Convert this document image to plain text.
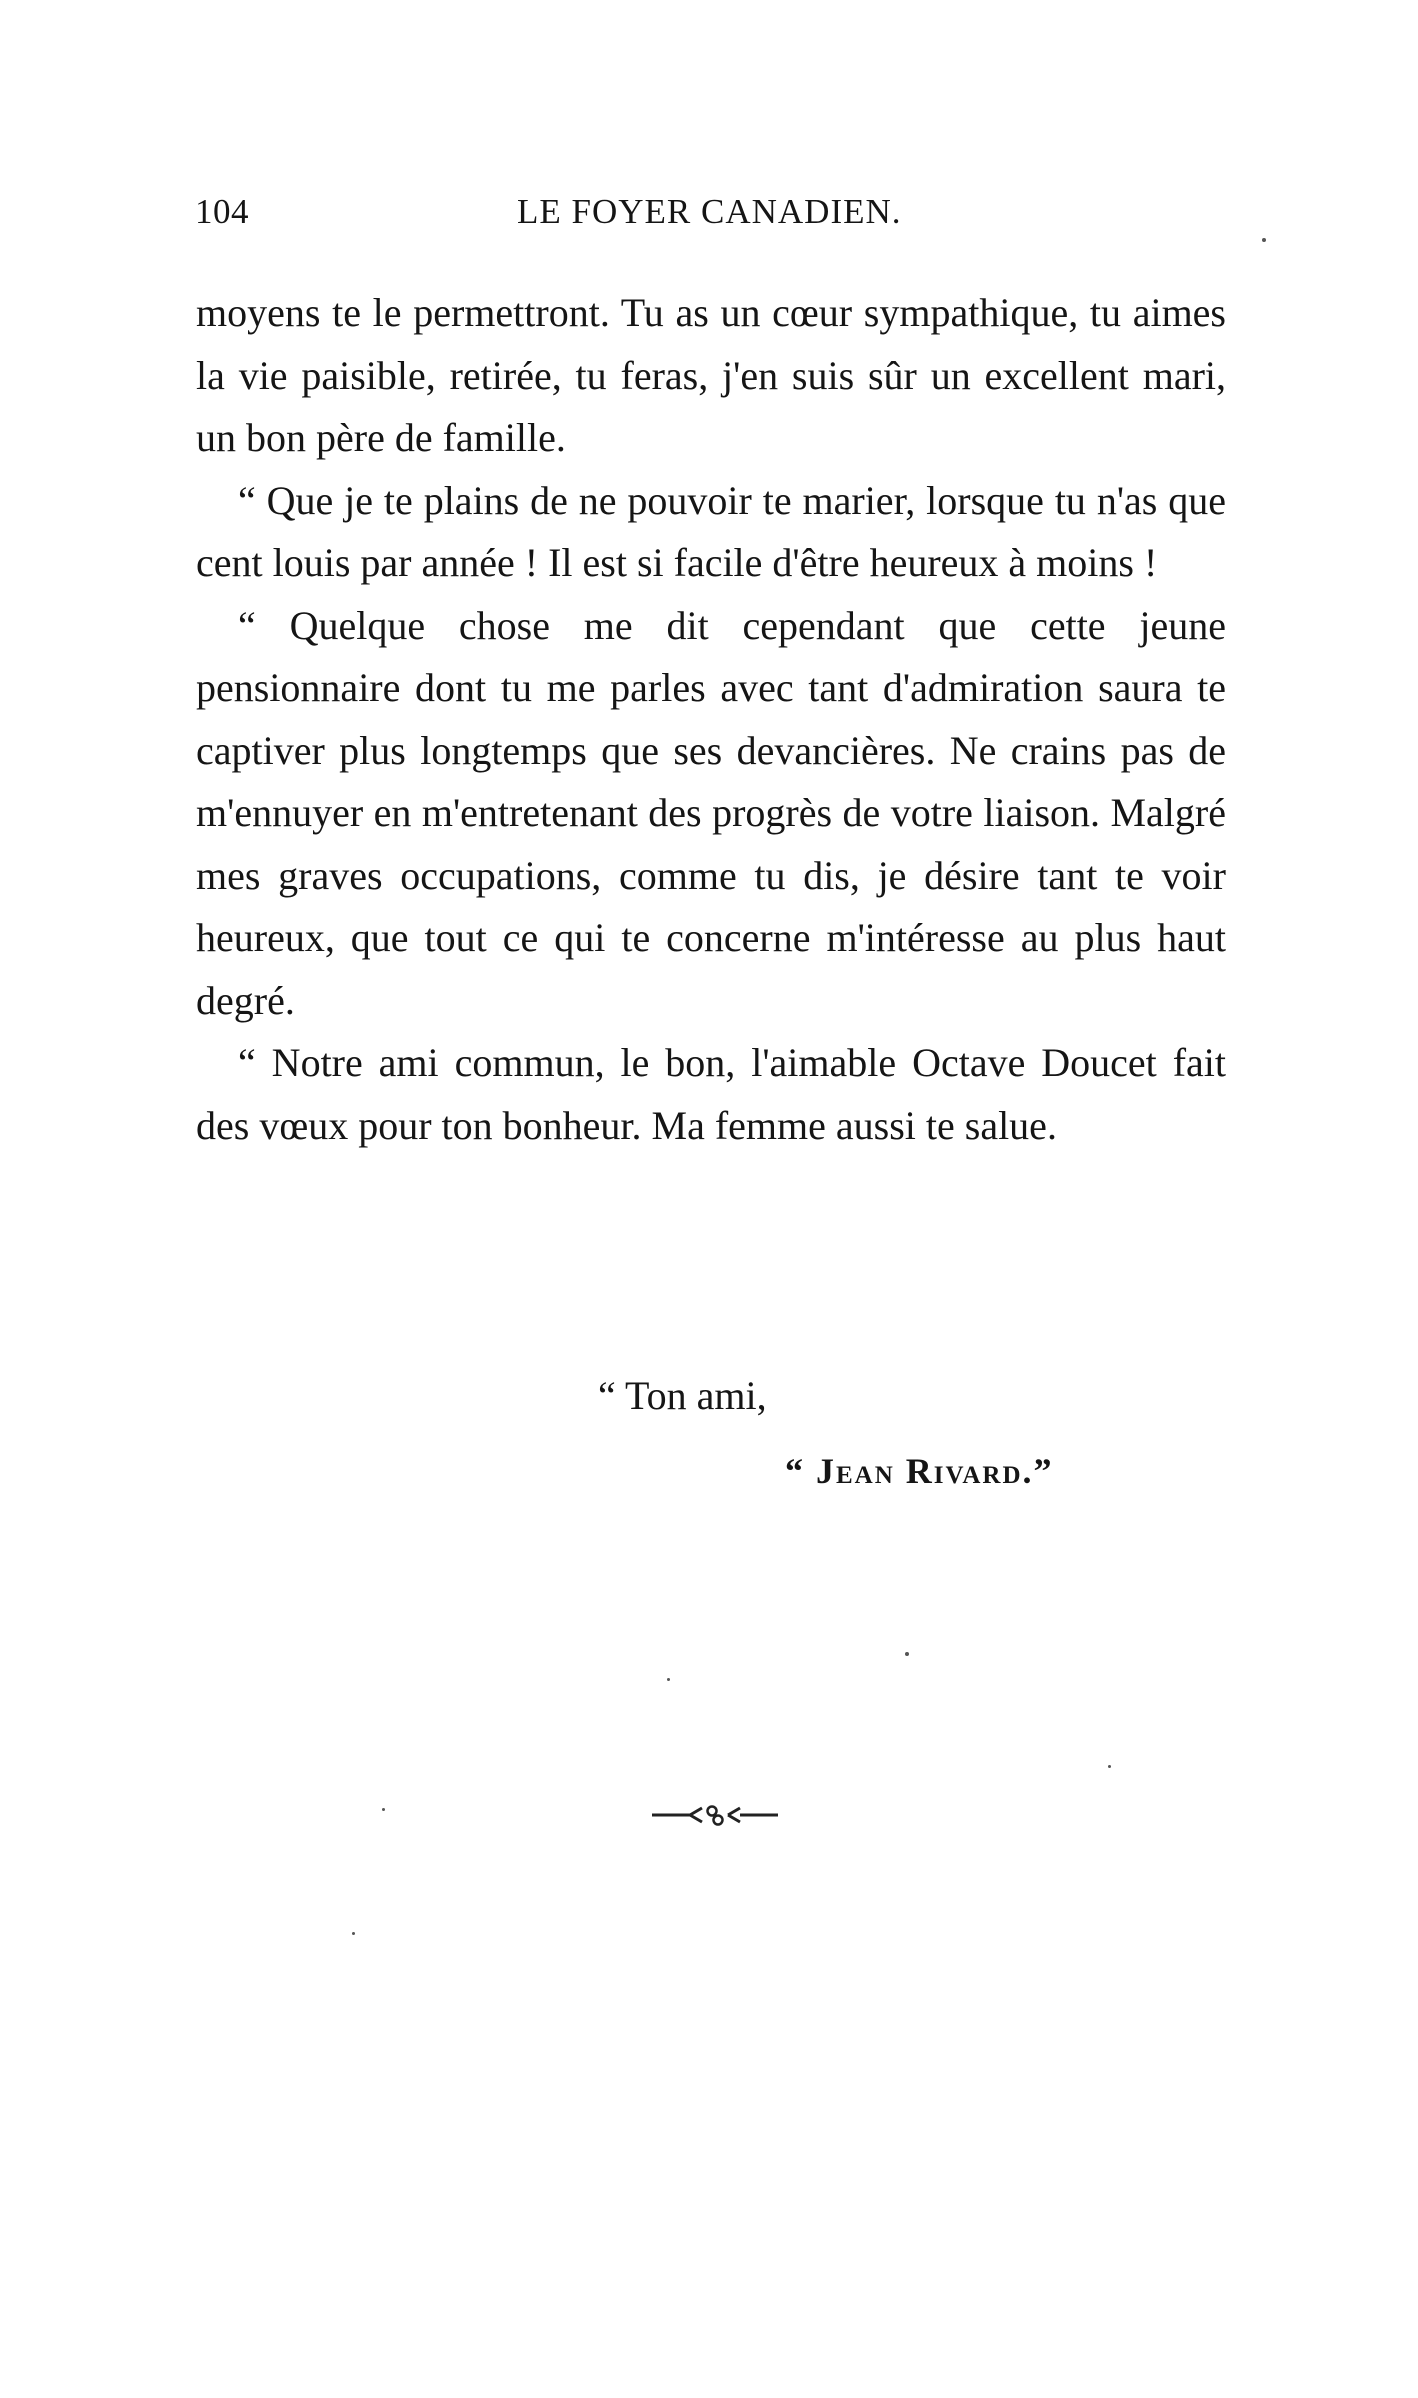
104	LE FOYER CANADIEN.

moyens te le permettront. Tu as un cœur sympathique, tu aimes la vie paisible, retirée, tu feras, j'en suis sûr un excellent mari, un bon père de famille.

“ Que je te plains de ne pouvoir te marier, lorsque tu n'as que cent louis par année ! Il est si facile d'être heureux à moins !

“ Quelque chose me dit cependant que cette jeune pensionnaire dont tu me parles avec tant d'admiration saura te captiver plus longtemps que ses devancières. Ne crains pas de m'ennuyer en m'entretenant des progrès de votre liaison. Malgré mes graves occupations, comme tu dis, je désire tant te voir heureux, que tout ce qui te concerne m'intéresse au plus haut degré.

“ Notre ami commun, le bon, l'aimable Octave Doucet fait des vœux pour ton bonheur. Ma femme aussi te salue.

“ Ton ami,
“ Jean Rivard.”
